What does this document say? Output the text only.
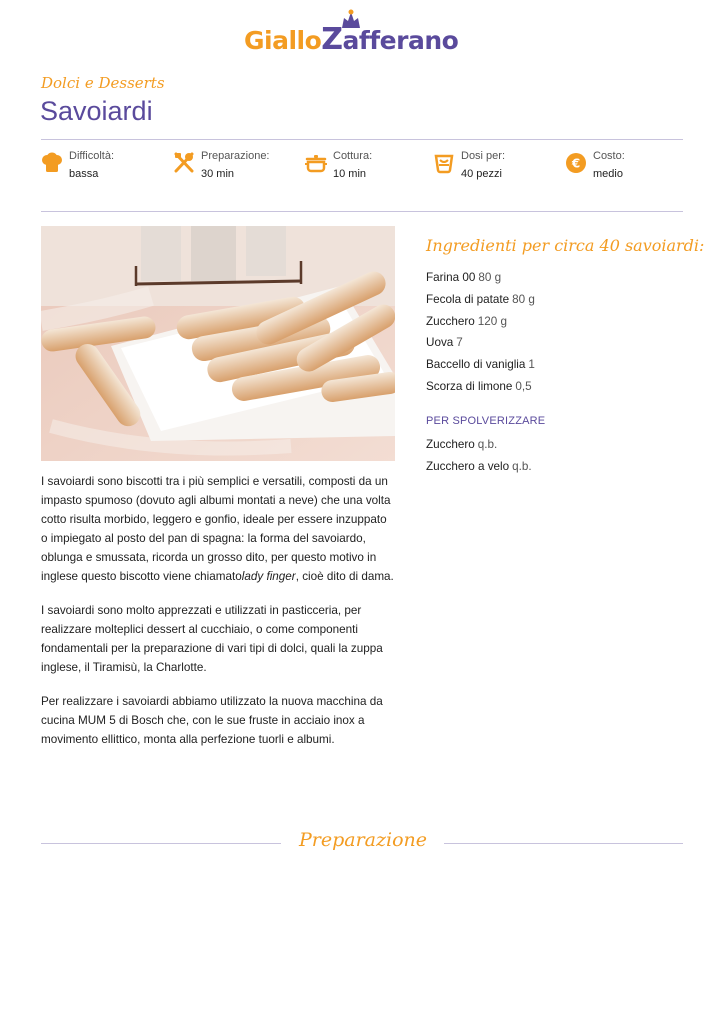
GialloZafferano
Dolci e Desserts
Savoiardi
Difficoltà:
bassa
Preparazione:
30 min
Cottura:
10 min
Dosi per:
40 pezzi
€
Costo:
medio

I savoiardi sono biscotti tra i più semplici e versatili, composti da un impasto spumoso (dovuto agli albumi montati a neve) che una volta cotto risulta morbido, leggero e gonfio, ideale per essere inzuppato o impiegato al posto del pan di spagna: la forma del savoiardo, oblunga e smussata, ricorda un grosso dito, per questo motivo in inglese questo biscotto viene chiamatolady finger, cioè dito di dama.

I savoiardi sono molto apprezzati e utilizzati in pasticceria, per realizzare molteplici dessert al cucchiaio, o come componenti fondamentali per la preparazione di vari tipi di dolci, quali la zuppa inglese, il Tiramisù, la Charlotte.

Per realizzare i savoiardi abbiamo utilizzato la nuova macchina da cucina MUM 5 di Bosch che, con le sue fruste in acciaio inox a movimento ellittico, monta alla perfezione tuorli e albumi.

Ingredienti per circa 40 savoiardi:
Farina 00 80 g
Fecola di patate 80 g
Zucchero 120 g
Uova 7
Baccello di vaniglia 1
Scorza di limone 0,5
PER SPOLVERIZZARE
Zucchero q.b.
Zucchero a velo q.b.
Preparazione
